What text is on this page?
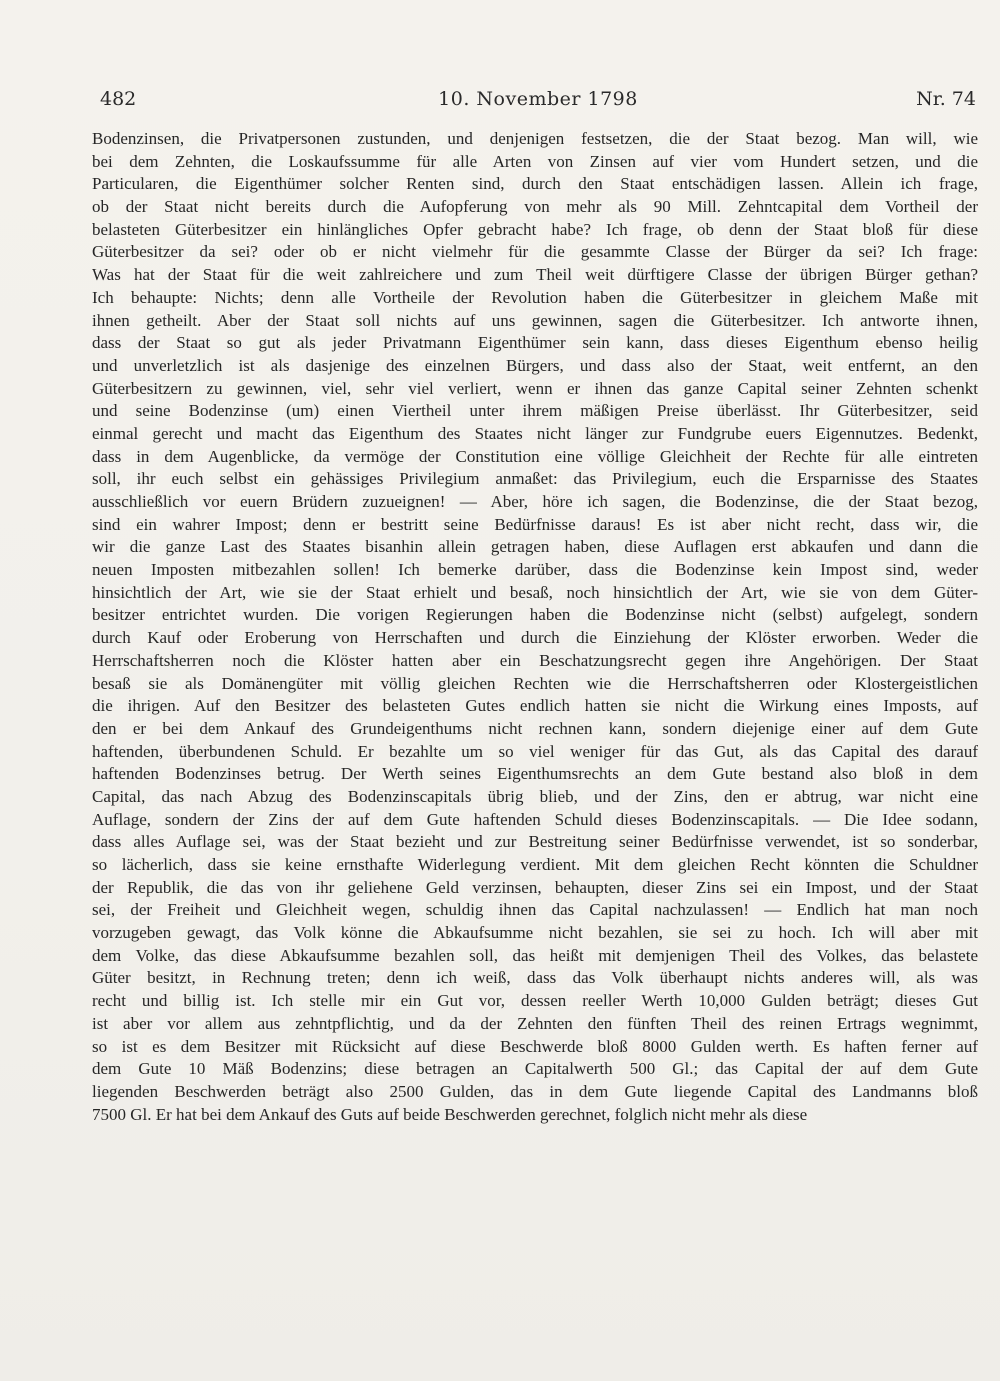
482	10. November 1798	Nr. 74
Bodenzinsen, die Privatpersonen zustunden, und denjenigen festsetzen, die der Staat bezog. Man will, wie
bei dem Zehnten, die Loskaufssumme für alle Arten von Zinsen auf vier vom Hundert setzen, und die
Particularen, die Eigenthümer solcher Renten sind, durch den Staat entschädigen lassen. Allein ich frage,
ob der Staat nicht bereits durch die Aufopferung von mehr als 90 Mill. Zehntcapital dem Vortheil der
belasteten Güterbesitzer ein hinlängliches Opfer gebracht habe? Ich frage, ob denn der Staat bloß für diese
Güterbesitzer da sei? oder ob er nicht vielmehr für die gesammte Classe der Bürger da sei? Ich frage:
Was hat der Staat für die weit zahlreichere und zum Theil weit dürftigere Classe der übrigen Bürger gethan?
Ich behaupte: Nichts; denn alle Vortheile der Revolution haben die Güterbesitzer in gleichem Maße mit
ihnen getheilt. Aber der Staat soll nichts auf uns gewinnen, sagen die Güterbesitzer. Ich antworte ihnen,
dass der Staat so gut als jeder Privatmann Eigenthümer sein kann, dass dieses Eigenthum ebenso heilig
und unverletzlich ist als dasjenige des einzelnen Bürgers, und dass also der Staat, weit entfernt, an den
Güterbesitzern zu gewinnen, viel, sehr viel verliert, wenn er ihnen das ganze Capital seiner Zehnten schenkt
und seine Bodenzinse (um) einen Viertheil unter ihrem mäßigen Preise überlässt. Ihr Güterbesitzer, seid
einmal gerecht und macht das Eigenthum des Staates nicht länger zur Fundgrube euers Eigennutzes. Bedenkt,
dass in dem Augenblicke, da vermöge der Constitution eine völlige Gleichheit der Rechte für alle eintreten
soll, ihr euch selbst ein gehässiges Privilegium anmaßet: das Privilegium, euch die Ersparnisse des Staates
ausschließlich vor euern Brüdern zuzueignen! — Aber, höre ich sagen, die Bodenzinse, die der Staat bezog,
sind ein wahrer Impost; denn er bestritt seine Bedürfnisse daraus! Es ist aber nicht recht, dass wir, die
wir die ganze Last des Staates bisanhin allein getragen haben, diese Auflagen erst abkaufen und dann die
neuen Imposten mitbezahlen sollen! Ich bemerke darüber, dass die Bodenzinse kein Impost sind, weder
hinsichtlich der Art, wie sie der Staat erhielt und besaß, noch hinsichtlich der Art, wie sie von dem Güter-
besitzer entrichtet wurden. Die vorigen Regierungen haben die Bodenzinse nicht (selbst) aufgelegt, sondern
durch Kauf oder Eroberung von Herrschaften und durch die Einziehung der Klöster erworben. Weder die
Herrschaftsherren noch die Klöster hatten aber ein Beschatzungsrecht gegen ihre Angehörigen. Der Staat
besaß sie als Domänengüter mit völlig gleichen Rechten wie die Herrschaftsherren oder Klostergeistlichen
die ihrigen. Auf den Besitzer des belasteten Gutes endlich hatten sie nicht die Wirkung eines Imposts, auf
den er bei dem Ankauf des Grundeigenthums nicht rechnen kann, sondern diejenige einer auf dem Gute
haftenden, überbundenen Schuld. Er bezahlte um so viel weniger für das Gut, als das Capital des darauf
haftenden Bodenzinses betrug. Der Werth seines Eigenthumsrechts an dem Gute bestand also bloß in dem
Capital, das nach Abzug des Bodenzinscapitals übrig blieb, und der Zins, den er abtrug, war nicht eine
Auflage, sondern der Zins der auf dem Gute haftenden Schuld dieses Bodenzinscapitals. — Die Idee sodann,
dass alles Auflage sei, was der Staat bezieht und zur Bestreitung seiner Bedürfnisse verwendet, ist so sonderbar,
so lächerlich, dass sie keine ernsthafte Widerlegung verdient. Mit dem gleichen Recht könnten die Schuldner
der Republik, die das von ihr geliehene Geld verzinsen, behaupten, dieser Zins sei ein Impost, und der Staat
sei, der Freiheit und Gleichheit wegen, schuldig ihnen das Capital nachzulassen! — Endlich hat man noch
vorzugeben gewagt, das Volk könne die Abkaufsumme nicht bezahlen, sie sei zu hoch. Ich will aber mit
dem Volke, das diese Abkaufsumme bezahlen soll, das heißt mit demjenigen Theil des Volkes, das belastete
Güter besitzt, in Rechnung treten; denn ich weiß, dass das Volk überhaupt nichts anderes will, als was
recht und billig ist. Ich stelle mir ein Gut vor, dessen reeller Werth 10,000 Gulden beträgt; dieses Gut
ist aber vor allem aus zehntpflichtig, und da der Zehnten den fünften Theil des reinen Ertrags wegnimmt,
so ist es dem Besitzer mit Rücksicht auf diese Beschwerde bloß 8000 Gulden werth. Es haften ferner auf
dem Gute 10 Mäß Bodenzins; diese betragen an Capitalwerth 500 Gl.; das Capital der auf dem Gute
liegenden Beschwerden beträgt also 2500 Gulden, das in dem Gute liegende Capital des Landmanns bloß
7500 Gl. Er hat bei dem Ankauf des Guts auf beide Beschwerden gerechnet, folglich nicht mehr als diese
